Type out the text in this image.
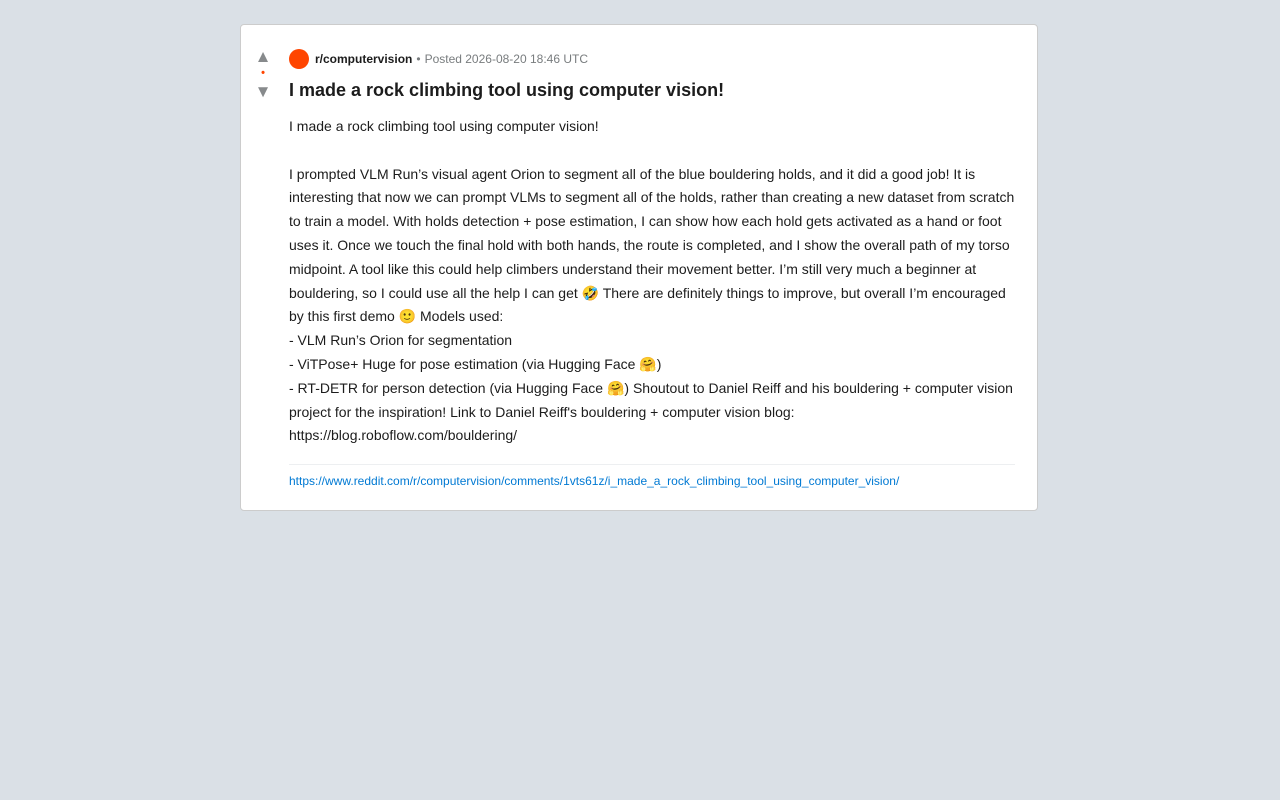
▲
•
▼
r/computervision • Posted 2026-08-20 18:46 UTC
I made a rock climbing tool using computer vision!
I made a rock climbing tool using computer vision!

I prompted VLM Run’s visual agent Orion to segment all of the blue bouldering holds, and it did a good job! It is interesting that now we can prompt VLMs to segment all of the holds, rather than creating a new dataset from scratch to train a model. With holds detection + pose estimation, I can show how each hold gets activated as a hand or foot uses it. Once we touch the final hold with both hands, the route is completed, and I show the overall path of my torso midpoint. A tool like this could help climbers understand their movement better. I’m still very much a beginner at bouldering, so I could use all the help I can get 🤣 There are definitely things to improve, but overall I’m encouraged by this first demo 🙂 Models used:
- VLM Run’s Orion for segmentation
- ViTPose+ Huge for pose estimation (via Hugging Face 🤗)
- RT-DETR for person detection (via Hugging Face 🤗) Shoutout to Daniel Reiff and his bouldering + computer vision project for the inspiration! Link to Daniel Reiff's bouldering + computer vision blog: https://blog.roboflow.com/bouldering/
https://www.reddit.com/r/computervision/comments/1vts61z/i_made_a_rock_climbing_tool_using_computer_vision/
